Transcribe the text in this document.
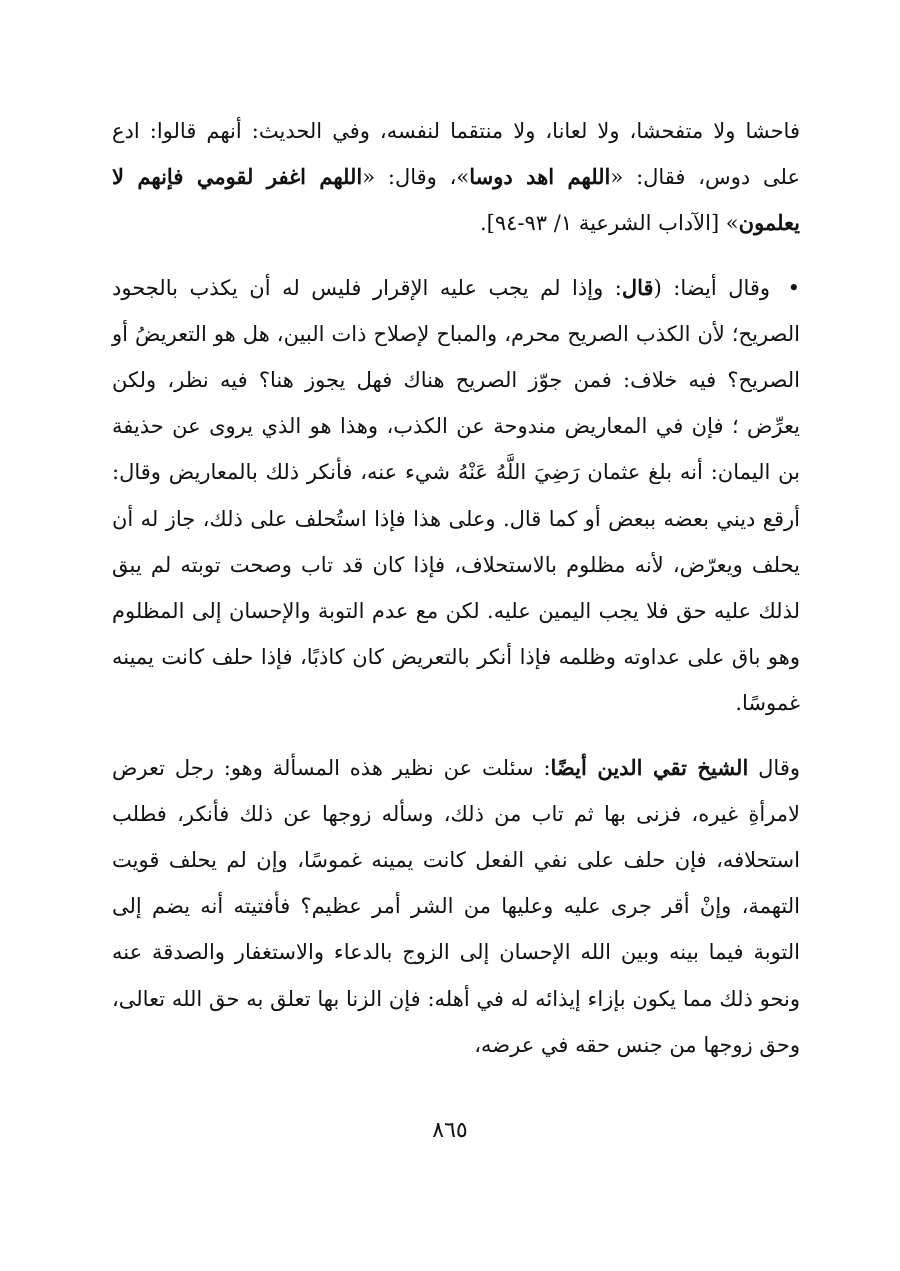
فاحشا ولا متفحشا، ولا لعانا، ولا منتقما لنفسه، وفي الحديث: أنهم قالوا: ادع على دوس، فقال: «اللهم اهد دوسا»، وقال: «اللهم اغفر لقومي فإنهم لا يعلمون» [الآداب الشرعية ١/ ٩٣-٩٤].

• وقال أيضا: (قال: وإذا لم يجب عليه الإقرار فليس له أن يكذب بالجحود الصريح؛ لأن الكذب الصريح محرم، والمباح لإصلاح ذات البين، هل هو التعريضُ أو الصريح؟ فيه خلاف: فمن جوّز الصريح هناك فهل يجوز هنا؟ فيه نظر، ولكن يعرِّض ؛ فإن في المعاريض مندوحة عن الكذب، وهذا هو الذي يروى عن حذيفة بن اليمان: أنه بلغ عثمان رَضِيَ اللَّهُ عَنْهُ شيء عنه، فأنكر ذلك بالمعاريض وقال: أرقع ديني بعضه ببعض أو كما قال. وعلى هذا فإذا استُحلف على ذلك، جاز له أن يحلف ويعرّض، لأنه مظلوم بالاستحلاف، فإذا كان قد تاب وصحت توبته لم يبق لذلك عليه حق فلا يجب اليمين عليه. لكن مع عدم التوبة والإحسان إلى المظلوم وهو باق على عداوته وظلمه فإذا أنكر بالتعريض كان كاذبًا، فإذا حلف كانت يمينه غموسًا.

وقال الشيخ تقي الدين أيضًا: سئلت عن نظير هذه المسألة وهو: رجل تعرض لامرأةِ غيره، فزنى بها ثم تاب من ذلك، وسأله زوجها عن ذلك فأنكر، فطلب استحلافه، فإن حلف على نفي الفعل كانت يمينه غموسًا، وإن لم يحلف قويت التهمة، وإنْ أقر جرى عليه وعليها من الشر أمر عظيم؟ فأفتيته أنه يضم إلى التوبة فيما بينه وبين الله الإحسان إلى الزوج بالدعاء والاستغفار والصدقة عنه ونحو ذلك مما يكون بإزاء إيذائه له في أهله: فإن الزنا بها تعلق به حق الله تعالى، وحق زوجها من جنس حقه في عرضه،

٨٦٥
